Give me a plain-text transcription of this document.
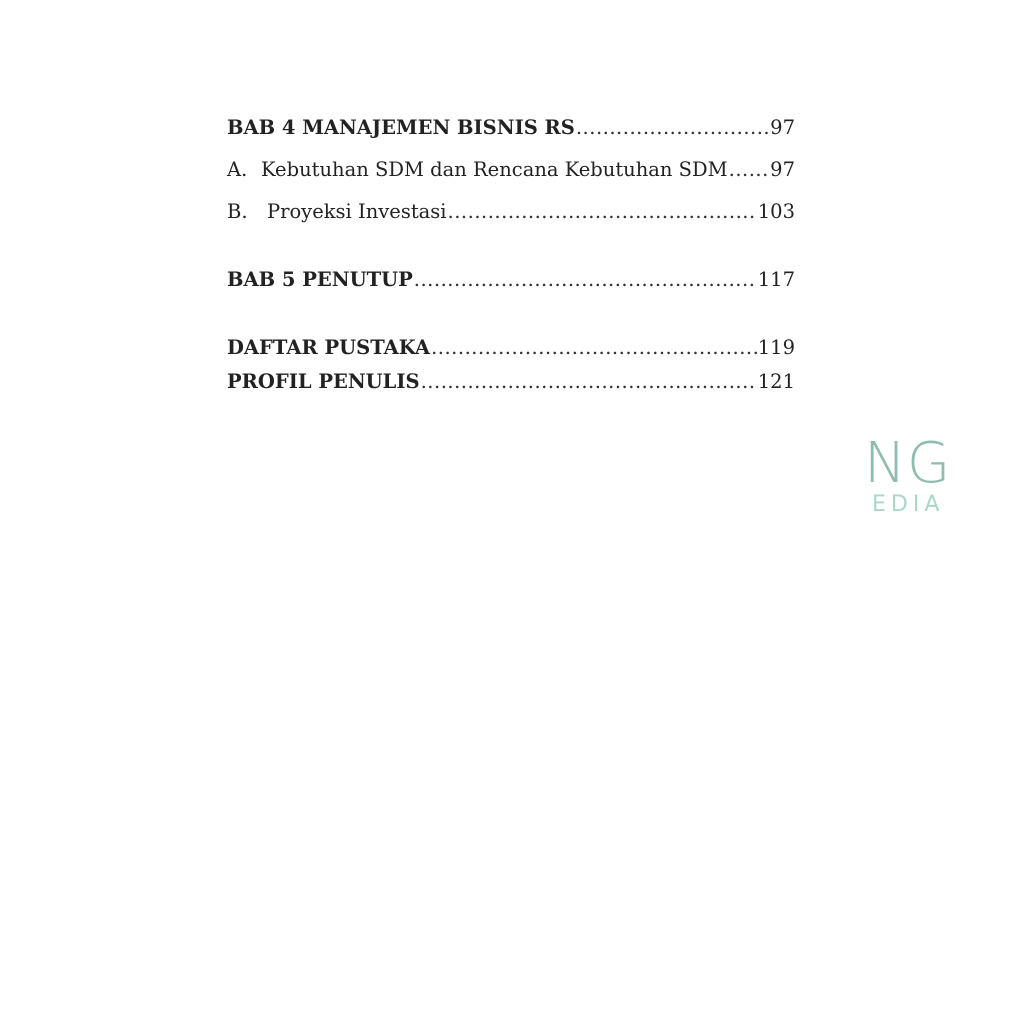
BAB 4 MANAJEMEN BISNIS RS .....	97
A. Kebutuhan SDM dan Rencana Kebutuhan SDM ..... 97
B. Proyeksi Investasi .....	103
BAB 5 PENUTUP .....	117
DAFTAR PUSTAKA .....	119
PROFIL PENULIS .....	121
NG
EDIA
